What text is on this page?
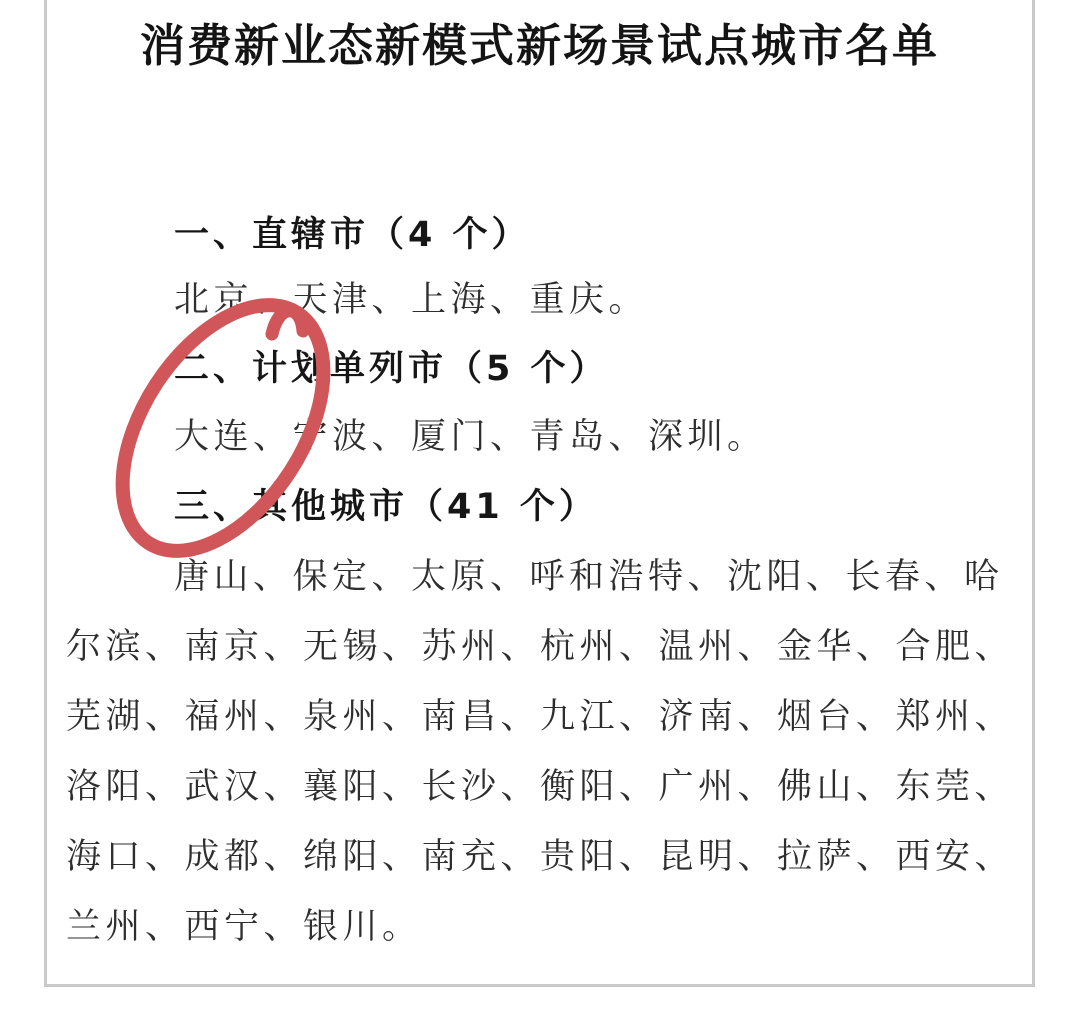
消费新业态新模式新场景试点城市名单
一、直辖市（4 个）
北京、天津、上海、重庆。
二、计划单列市（5 个）
大连、宁波、厦门、青岛、深圳。
三、其他城市（41 个）
唐山、保定、太原、呼和浩特、沈阳、长春、哈
尔滨、南京、无锡、苏州、杭州、温州、金华、合肥、
芜湖、福州、泉州、南昌、九江、济南、烟台、郑州、
洛阳、武汉、襄阳、长沙、衡阳、广州、佛山、东莞、
海口、成都、绵阳、南充、贵阳、昆明、拉萨、西安、
兰州、西宁、银川。
